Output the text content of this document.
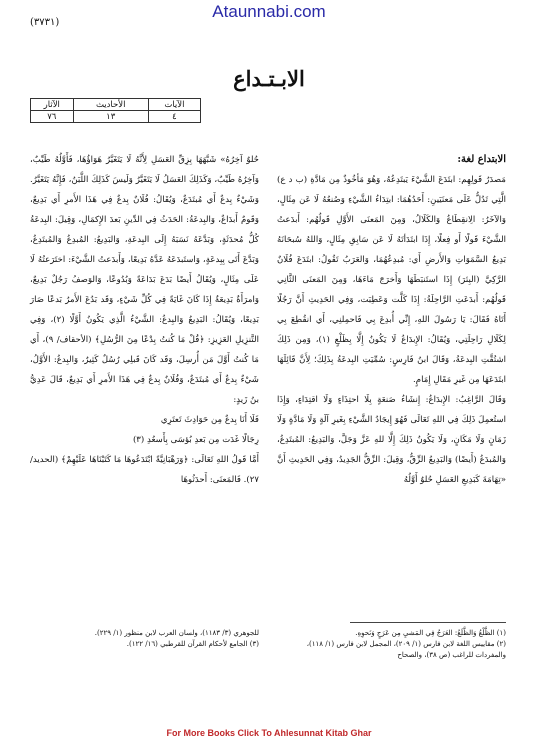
Ataunnabi.com
(٣٧٣١)
الابـتـداع
الآيات	الأحاديث	الآثار
٤	١٣	٧٦

الابتداع لغة:

مَصدَرُ قَولِهِم: ابتَدَعَ الشَّيْءَ يَبتَدِعُهُ، وَهُوَ مَأخُوذٌ مِن مَادَّةِ (ب د ع) الَّتِي تَدُلُّ عَلَى مَعنَيَينِ: أَحَدُهُمَا: ابتِدَاءُ الشَّيْءِ وَصُنعُهُ لَا عَن مِثَالٍ، وَالآخَرُ: الِانقِطَاعُ وَالكَلَالُ، وَمِنَ المَعنَى الأَوَّلِ قَولُهُم: أَبدَعتُ الشَّيْءَ قَولًا أَو فِعلًا، إِذَا ابتَدَأتَهُ لَا عَن سَابِقِ مِثَالٍ، وَاللهُ سُبحَانَهُ بَدِيعُ السَّمَوَاتِ وَالأَرضِ أَي: مُبدِعُهُمَا، وَالعَرَبُ تَقُولُ: ابتَدَعَ فُلَانٌ الرَّكِيَّ (البِئرَ) إِذَا استَنبَطَهَا وَأَخرَجَ مَاءَهَا، وَمِنَ المَعنَى الثَّانِي قَولُهُم: أَبدَعَتِ الرَّاحِلَةُ: إِذَا كَلَّت وَعَطِبَت، وَفِي الحَدِيثِ أَنَّ رَجُلًا أَتَاهُ فَقَالَ: يَا رَسُولَ اللهِ، إِنِّي أُبدِعَ بِي فَاحمِلنِي، أَي انقُطِعَ بِي لِكَلَالِ رَاحِلَتِي، وَيُقَالُ: الإِبدَاعُ لَا يَكُونُ إِلَّا بِظَلْعٍ (١)، وَمِن ذَلِكَ اشتُقَّتِ البِدعَةُ، وَقَالَ ابنُ فَارِسٍ: سُمِّيَتِ البِدعَةُ بِذَلِكَ؛ لِأَنَّ قَائِلَهَا ابتَدَعَهَا مِن غَيرِ مَقَالِ إِمَامٍ.

وَقَالَ الرَّاغِبُ: الإِبدَاعُ: إِنشَاءُ صَنعَةٍ بِلَا احتِذَاءٍ وَلَا اقتِدَاءٍ، وَإِذَا استُعمِلَ ذَلِكَ فِي اللهِ تَعَالَى فَهُوَ إِيجَادُ الشَّيْءِ بِغَيرِ آلَةٍ وَلَا مَادَّةٍ وَلَا زَمَانٍ وَلَا مَكَانٍ، وَلَا يَكُونُ ذَلِكَ إِلَّا للهِ عَزَّ وَجَلَّ، وَالبَدِيعُ: المُبتَدِعُ، وَالمُبدَعُ (أَيضًا) وَالبَدِيعُ الزِّقُّ، وَقِيلَ: الزِّقُّ الجَدِيدُ، وَفِي الحَدِيثِ أَنَّ «تِهَامَةَ كَبَدِيعِ العَسَلِ حُلوٌ أَوَّلُهُ

حُلوٌ آخِرُهُ» شَبَّهَهَا بِزِقِّ العَسَلِ لِأَنَّهُ لَا يَتَغَيَّرُ هَوَاؤُهَا، فَأَوَّلُهُ طَيِّبٌ، وَآخِرُهُ طَيِّبٌ، وَكَذَلِكَ العَسَلُ لَا يَتَغَيَّرُ وَلَيسَ كَذَلِكَ اللَّبَنُ، فَإِنَّهُ يَتَغَيَّرُ. وَشَيْءٌ بِدعٌ أَي مُبتَدَعٌ، وَيُقَالُ: فُلَانٌ بِدعٌ فِي هَذَا الأَمرِ أَي بَدِيعٌ، وَقَومٌ أَبدَاعٌ، وَالبِدعَةُ: الحَدَثُ فِي الدِّينِ بَعدَ الإِكمَالِ، وَقِيلَ: البِدعَةُ كُلُّ مُحدَثَةٍ، وَبَدَّعَهُ نَسَبَهُ إِلَى البِدعَةِ، وَالبَدِيعُ: المُبدِعُ وَالمُبتَدِعُ، وَبَدَّعَ أَتَى بِبِدعَةٍ، وَاستَبدَعَهُ عَدَّهُ بَدِيعًا، وَأَبدَعتُ الشَّيْءَ: اختَرَعتُهُ لَا عَلَى مِثَالٍ، وَيُقَالُ أَيضًا بَدَعَ بَدَاعَةً وَبُدُوعًا، وَالوَصفُ رَجُلٌ بَدِيعٌ، وَامرَأَةٌ بَدِيعَةٌ إِذَا كَانَ غَايَةً فِي كُلِّ شَيْءٍ، وَقَد بَدُعَ الأَمرُ بَدعًا صَارَ بَدِيعًا، وَيُقَالُ: البَدِيعُ وَالبِدعُ: الشَّيْءُ الَّذِي يَكُونُ أَوَّلًا (٢)، وَفِي التَّنزِيلِ العَزِيزِ: ﴿قُلْ مَا كُنتُ بِدْعًا مِنَ الرُّسُلِ﴾ (الأحقاف/ ٩)، أَي مَا كُنتُ أَوَّلَ مَن أُرسِلَ، وَقَد كَانَ قَبلِي رُسُلٌ كَثِيرٌ، وَالبِدعُ: الأَوَّلُ، شَيْءٌ بِدعٌ أَي مُبتَدَعٌ، وَفُلَانٌ بِدعٌ فِي هَذَا الأَمرِ أَي بَدِيعٌ، قَالَ عَدِيُّ بنُ زَيدٍ:

فَلَا أَنَا بِدعٌ مِن حَوَادِثَ تَعتَرِي

رِجَالًا غَدَت مِن بَعدِ بُؤسَى بِأَسعُدِ (٣)

أَمَّا قَولُ اللهِ تَعَالَى: ﴿وَرَهْبَانِيَّةً ابْتَدَعُوهَا مَا كَتَبْنَاهَا عَلَيْهِمْ﴾ (الحديد/ ٢٧). فَالمَعنَى: أَحدَثُوهَا

(١) الظَّلْعُ وَالظَّلَعُ: العَرَجُ فِي المَشيِ مِن عَرَجٍ وَنَحوِهِ.

(٢) مقاييس اللغة لابن فارس (١/ ٢٠٩)، المجمل لابن فارس (١/ ١١٨)، والمفردات للراغب (ص ٣٨)، والصحاح

للجوهري (٣/ ١١٨٣)، ولسان العرب لابن منظور (١/ ٢٢٩).

(٣) الجامع لأحكام القرآن للقرطبي (١٦/ ١٢٢).

For More Books Click To Ahlesunnat Kitab Ghar
